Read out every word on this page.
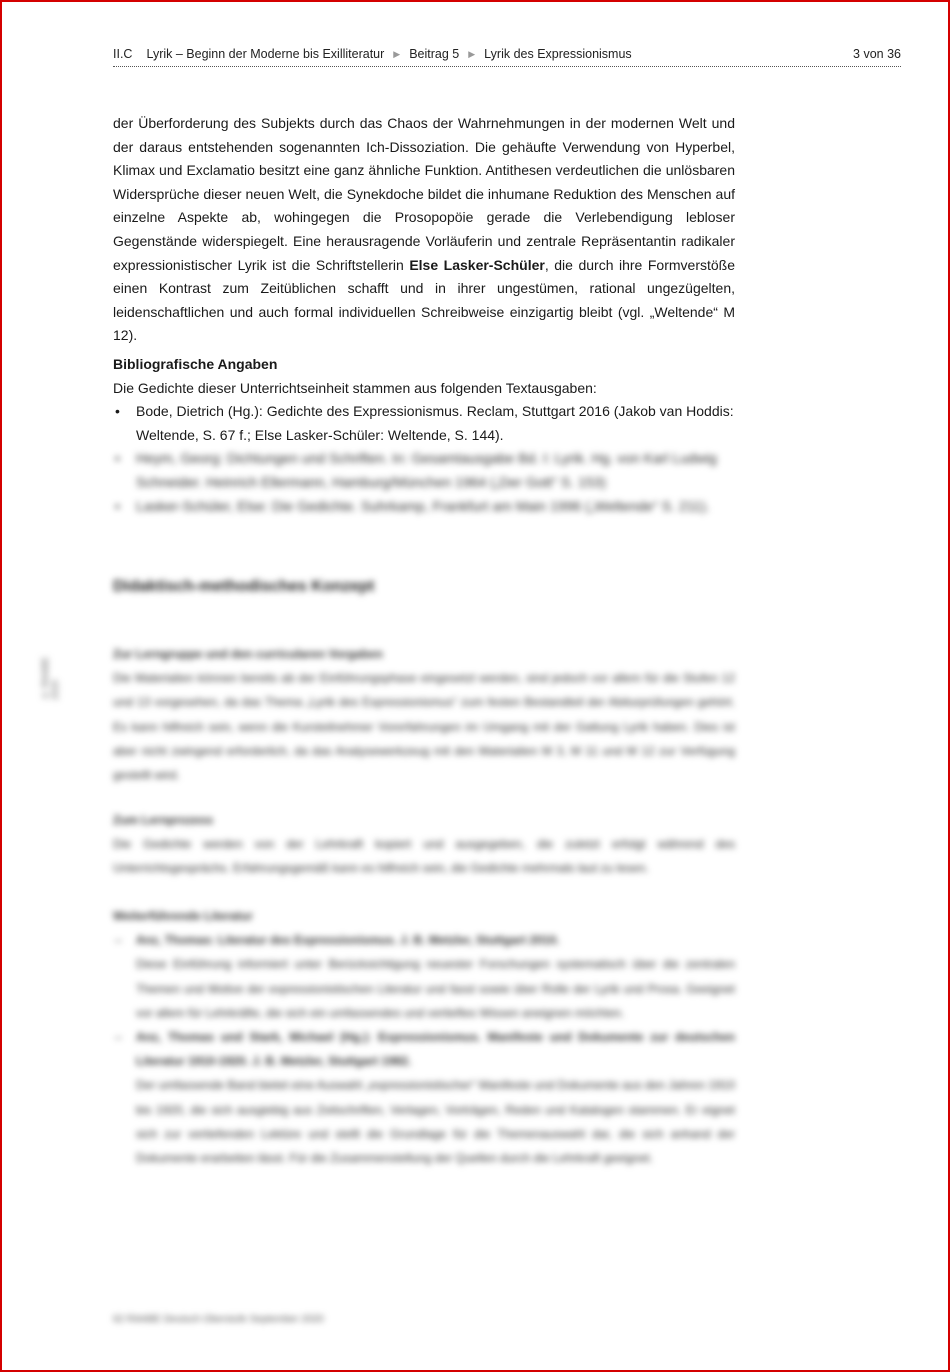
II.C Lyrik – Beginn der Moderne bis Exilliteratur ▶ Beitrag 5 ▶ Lyrik des Expressionismus	3 von 36

der Überforderung des Subjekts durch das Chaos der Wahrnehmungen in der modernen Welt und der daraus entstehenden sogenannten Ich-Dissoziation. Die gehäufte Verwendung von Hyperbel, Klimax und Exclamatio besitzt eine ganz ähnliche Funktion. Antithesen verdeutlichen die unlösbaren Widersprüche dieser neuen Welt, die Synekdoche bildet die inhumane Reduktion des Menschen auf einzelne Aspekte ab, wohingegen die Prosopopöie gerade die Verlebendigung lebloser Gegenstände widerspiegelt. Eine herausragende Vorläuferin und zentrale Repräsentantin radikaler expressionistischer Lyrik ist die Schriftstellerin Else Lasker-Schüler, die durch ihre Formverstöße einen Kontrast zum Zeitüblichen schafft und in ihrer ungestümen, rational ungezügelten, leidenschaftlichen und auch formal individuellen Schreibweise einzigartig bleibt (vgl. „Weltende“ M 12).

Bibliografische Angaben

Die Gedichte dieser Unterrichtseinheit stammen aus folgenden Textausgaben:

• Bode, Dietrich (Hg.): Gedichte des Expressionismus. Reclam, Stuttgart 2016 (Jakob van Hoddis: Weltende, S. 67 f.; Else Lasker-Schüler: Weltende, S. 144).
• Heym, Georg: Dichtungen und Schriften. In: Gesamtausgabe Bd. I: Lyrik. Hg. von Karl Ludwig Schneider. Heinrich Ellermann, Hamburg/München 1964 („Der Gott“ S. 153)
• Lasker-Schüler, Else: Die Gedichte. Suhrkamp, Frankfurt am Main 1996 („Weltende“ S. 211).
Didaktisch-methodisches Konzept
Zur Lerngruppe und den curricularen Vorgaben

Die Materialien können bereits ab der Einführungsphase eingesetzt werden, sind jedoch vor allem für die Stufen 12 und 13 vorgesehen, da das Thema „Lyrik des Expressionismus“ zum festen Bestandteil der Abiturprüfungen gehört. Es kann hilfreich sein, wenn die Kursteilnehmer Vorerfahrungen im Umgang mit der Gattung Lyrik haben. Dies ist aber nicht zwingend erforderlich, da das Analysewerkzeug mit den Materialien M 3, M 11 und M 12 zur Verfügung gestellt wird.

Zum Lernprozess

Die Gedichte werden von der Lehrkraft kopiert und ausgegeben, die zuletzt erfolgt während des Unterrichtsgesprächs. Erfahrungsgemäß kann es hilfreich sein, die Gedichte mehrmals laut zu lesen.

Weiterführende Literatur
– Anz, Thomas: Literatur des Expressionismus. J. B. Metzler, Stuttgart 2010.
Diese Einführung informiert unter Berücksichtigung neuester Forschungen systematisch über die zentralen Themen und Motive der expressionistischen Literatur und fasst sowie über Rolle der Lyrik und Prosa. Geeignet vor allem für Lehrkräfte, die sich ein umfassendes und vertieftes Wissen aneignen möchten.
– Anz, Thomas und Stark, Michael (Hg.): Expressionismus. Manifeste und Dokumente zur deutschen Literatur 1910-1920. J. B. Metzler, Stuttgart 1982.
Der umfassende Band bietet eine Auswahl „expressionistischer“ Manifeste und Dokumente aus den Jahren 1910 bis 1920, die sich ausgiebig aus Zeitschriften, Verlagen, Vorträgen, Reden und Katalogen stammen. Er eignet sich zur vertiefenden Lektüre und stellt die Grundlage für die Themenauswahl dar, die sich anhand der Dokumente erarbeiten lässt. Für die Zusammenstellung der Quellen durch die Lehrkraft geeignet.
© RAABE 2020
62 RAABE Deutsch Oberstufe September 2020
